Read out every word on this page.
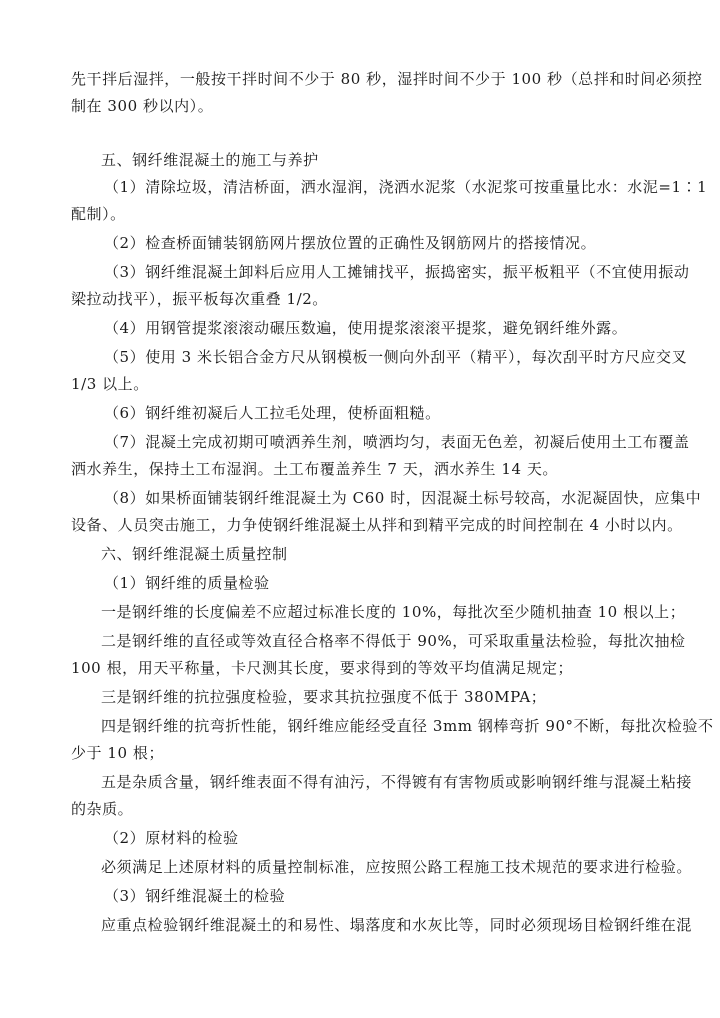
先干拌后湿拌，一般按干拌时间不少于 80 秒，湿拌时间不少于 100 秒（总拌和时间必须控
制在 300 秒以内）。
五、钢纤维混凝土的施工与养护
（1）清除垃圾，清洁桥面，洒水湿润，浇洒水泥浆（水泥浆可按重量比水：水泥=1∶1
配制）。
（2）检查桥面铺装钢筋网片摆放位置的正确性及钢筋网片的搭接情况。
（3）钢纤维混凝土卸料后应用人工摊铺找平，振捣密实，振平板粗平（不宜使用振动
梁拉动找平），振平板每次重叠 1/2。
（4）用钢管提浆滚滚动碾压数遍，使用提浆滚滚平提浆，避免钢纤维外露。
（5）使用 3 米长铝合金方尺从钢模板一侧向外刮平（精平），每次刮平时方尺应交叉
1/3 以上。
（6）钢纤维初凝后人工拉毛处理，使桥面粗糙。
（7）混凝土完成初期可喷洒养生剂，喷洒均匀，表面无色差，初凝后使用土工布覆盖
洒水养生，保持土工布湿润。土工布覆盖养生 7 天，洒水养生 14 天。
（8）如果桥面铺装钢纤维混凝土为 C60 时，因混凝土标号较高，水泥凝固快，应集中
设备、人员突击施工，力争使钢纤维混凝土从拌和到精平完成的时间控制在 4 小时以内。
六、钢纤维混凝土质量控制
（1）钢纤维的质量检验
一是钢纤维的长度偏差不应超过标准长度的 10%，每批次至少随机抽查 10 根以上；
二是钢纤维的直径或等效直径合格率不得低于 90%，可采取重量法检验，每批次抽检
100 根，用天平称量，卡尺测其长度，要求得到的等效平均值满足规定；
三是钢纤维的抗拉强度检验，要求其抗拉强度不低于 380MPA；
四是钢纤维的抗弯折性能，钢纤维应能经受直径 3mm 钢棒弯折 90°不断，每批次检验不
少于 10 根；
五是杂质含量，钢纤维表面不得有油污，不得镀有有害物质或影响钢纤维与混凝土粘接
的杂质。
（2）原材料的检验
必须满足上述原材料的质量控制标准，应按照公路工程施工技术规范的要求进行检验。
（3）钢纤维混凝土的检验
应重点检验钢纤维混凝土的和易性、塌落度和水灰比等，同时必须现场目检钢纤维在混
